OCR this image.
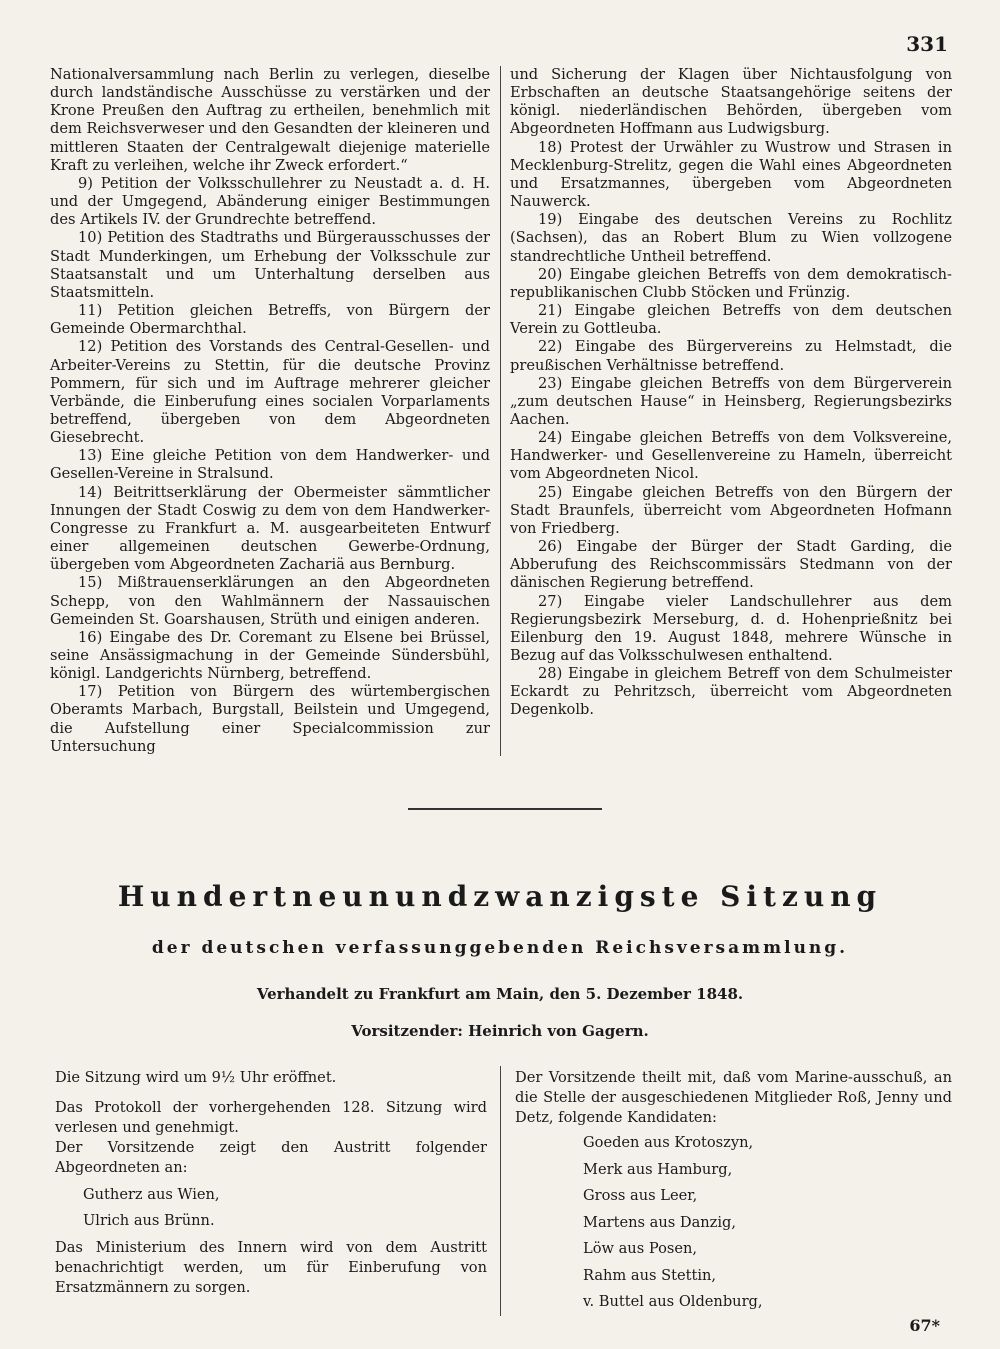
331

Nationalversammlung nach Berlin zu verlegen, dieselbe durch landständische Ausschüsse zu verstärken und der Krone Preußen den Auftrag zu ertheilen, benehmlich mit dem Reichsverweser und den Gesandten der kleineren und mittleren Staaten der Centralgewalt diejenige materielle Kraft zu verleihen, welche ihr Zweck erfordert.“

9) Petition der Volksschullehrer zu Neustadt a. d. H. und der Umgegend, Abänderung einiger Bestimmungen des Artikels IV. der Grundrechte betreffend.

10) Petition des Stadtraths und Bürgerausschusses der Stadt Munderkingen, um Erhebung der Volksschule zur Staatsanstalt und um Unterhaltung derselben aus Staatsmitteln.

11) Petition gleichen Betreffs, von Bürgern der Gemeinde Obermarchthal.

12) Petition des Vorstands des Central-Gesellen- und Arbeiter-Vereins zu Stettin, für die deutsche Provinz Pommern, für sich und im Auftrage mehrerer gleicher Verbände, die Einberufung eines socialen Vorparlaments betreffend, übergeben von dem Abgeordneten Giesebrecht.

13) Eine gleiche Petition von dem Handwerker- und Gesellen-Vereine in Stralsund.

14) Beitrittserklärung der Obermeister sämmtlicher Innungen der Stadt Coswig zu dem von dem Handwerker-Congresse zu Frankfurt a. M. ausgearbeiteten Entwurf einer allgemeinen deutschen Gewerbe-Ordnung, übergeben vom Abgeordneten Zachariä aus Bernburg.

15) Mißtrauenserklärungen an den Abgeordneten Schepp, von den Wahlmännern der Nassauischen Gemeinden St. Goarshausen, Strüth und einigen anderen.

16) Eingabe des Dr. Coremant zu Elsene bei Brüssel, seine Ansässigmachung in der Gemeinde Sündersbühl, königl. Landgerichts Nürnberg, betreffend.

17) Petition von Bürgern des würtembergischen Oberamts Marbach, Burgstall, Beilstein und Umgegend, die Aufstellung einer Specialcommission zur Untersuchung

und Sicherung der Klagen über Nichtausfolgung von Erbschaften an deutsche Staatsangehörige seitens der königl. niederländischen Behörden, übergeben vom Abgeordneten Hoffmann aus Ludwigsburg.

18) Protest der Urwähler zu Wustrow und Strasen in Mecklenburg-Strelitz, gegen die Wahl eines Abgeordneten und Ersatzmannes, übergeben vom Abgeordneten Nauwerck.

19) Eingabe des deutschen Vereins zu Rochlitz (Sachsen), das an Robert Blum zu Wien vollzogene standrechtliche Untheil betreffend.

20) Eingabe gleichen Betreffs von dem demokratisch-republikanischen Clubb Stöcken und Frünzig.

21) Eingabe gleichen Betreffs von dem deutschen Verein zu Gottleuba.

22) Eingabe des Bürgervereins zu Helmstadt, die preußischen Verhältnisse betreffend.

23) Eingabe gleichen Betreffs von dem Bürgerverein „zum deutschen Hause“ in Heinsberg, Regierungsbezirks Aachen.

24) Eingabe gleichen Betreffs von dem Volksvereine, Handwerker- und Gesellenvereine zu Hameln, überreicht vom Abgeordneten Nicol.

25) Eingabe gleichen Betreffs von den Bürgern der Stadt Braunfels, überreicht vom Abgeordneten Hofmann von Friedberg.

26) Eingabe der Bürger der Stadt Garding, die Abberufung des Reichscommissärs Stedmann von der dänischen Regierung betreffend.

27) Eingabe vieler Landschullehrer aus dem Regierungsbezirk Merseburg, d. d. Hohenprießnitz bei Eilenburg den 19. August 1848, mehrere Wünsche in Bezug auf das Volksschulwesen enthaltend.

28) Eingabe in gleichem Betreff von dem Schulmeister Eckardt zu Pehritzsch, überreicht vom Abgeordneten Degenkolb.

Hundertneunundzwanzigste Sitzung
der deutschen verfassunggebenden Reichsversammlung.
Verhandelt zu Frankfurt am Main, den 5. Dezember 1848.
Vorsitzender: Heinrich von Gagern.

Die Sitzung wird um 9½ Uhr eröffnet.

Das Protokoll der vorhergehenden 128. Sitzung wird verlesen und genehmigt.

Der Vorsitzende zeigt den Austritt folgender Abgeordneten an:

Gutherz aus Wien,
Ulrich aus Brünn.

Das Ministerium des Innern wird von dem Austritt benachrichtigt werden, um für Einberufung von Ersatzmännern zu sorgen.

Der Vorsitzende theilt mit, daß vom Marine-ausschuß, an die Stelle der ausgeschiedenen Mitglieder Roß, Jenny und Detz, folgende Kandidaten:

Goeden aus Krotoszyn,
Merk aus Hamburg,
Gross aus Leer,
Martens aus Danzig,
Löw aus Posen,
Rahm aus Stettin,
v. Buttel aus Oldenburg,
67*
